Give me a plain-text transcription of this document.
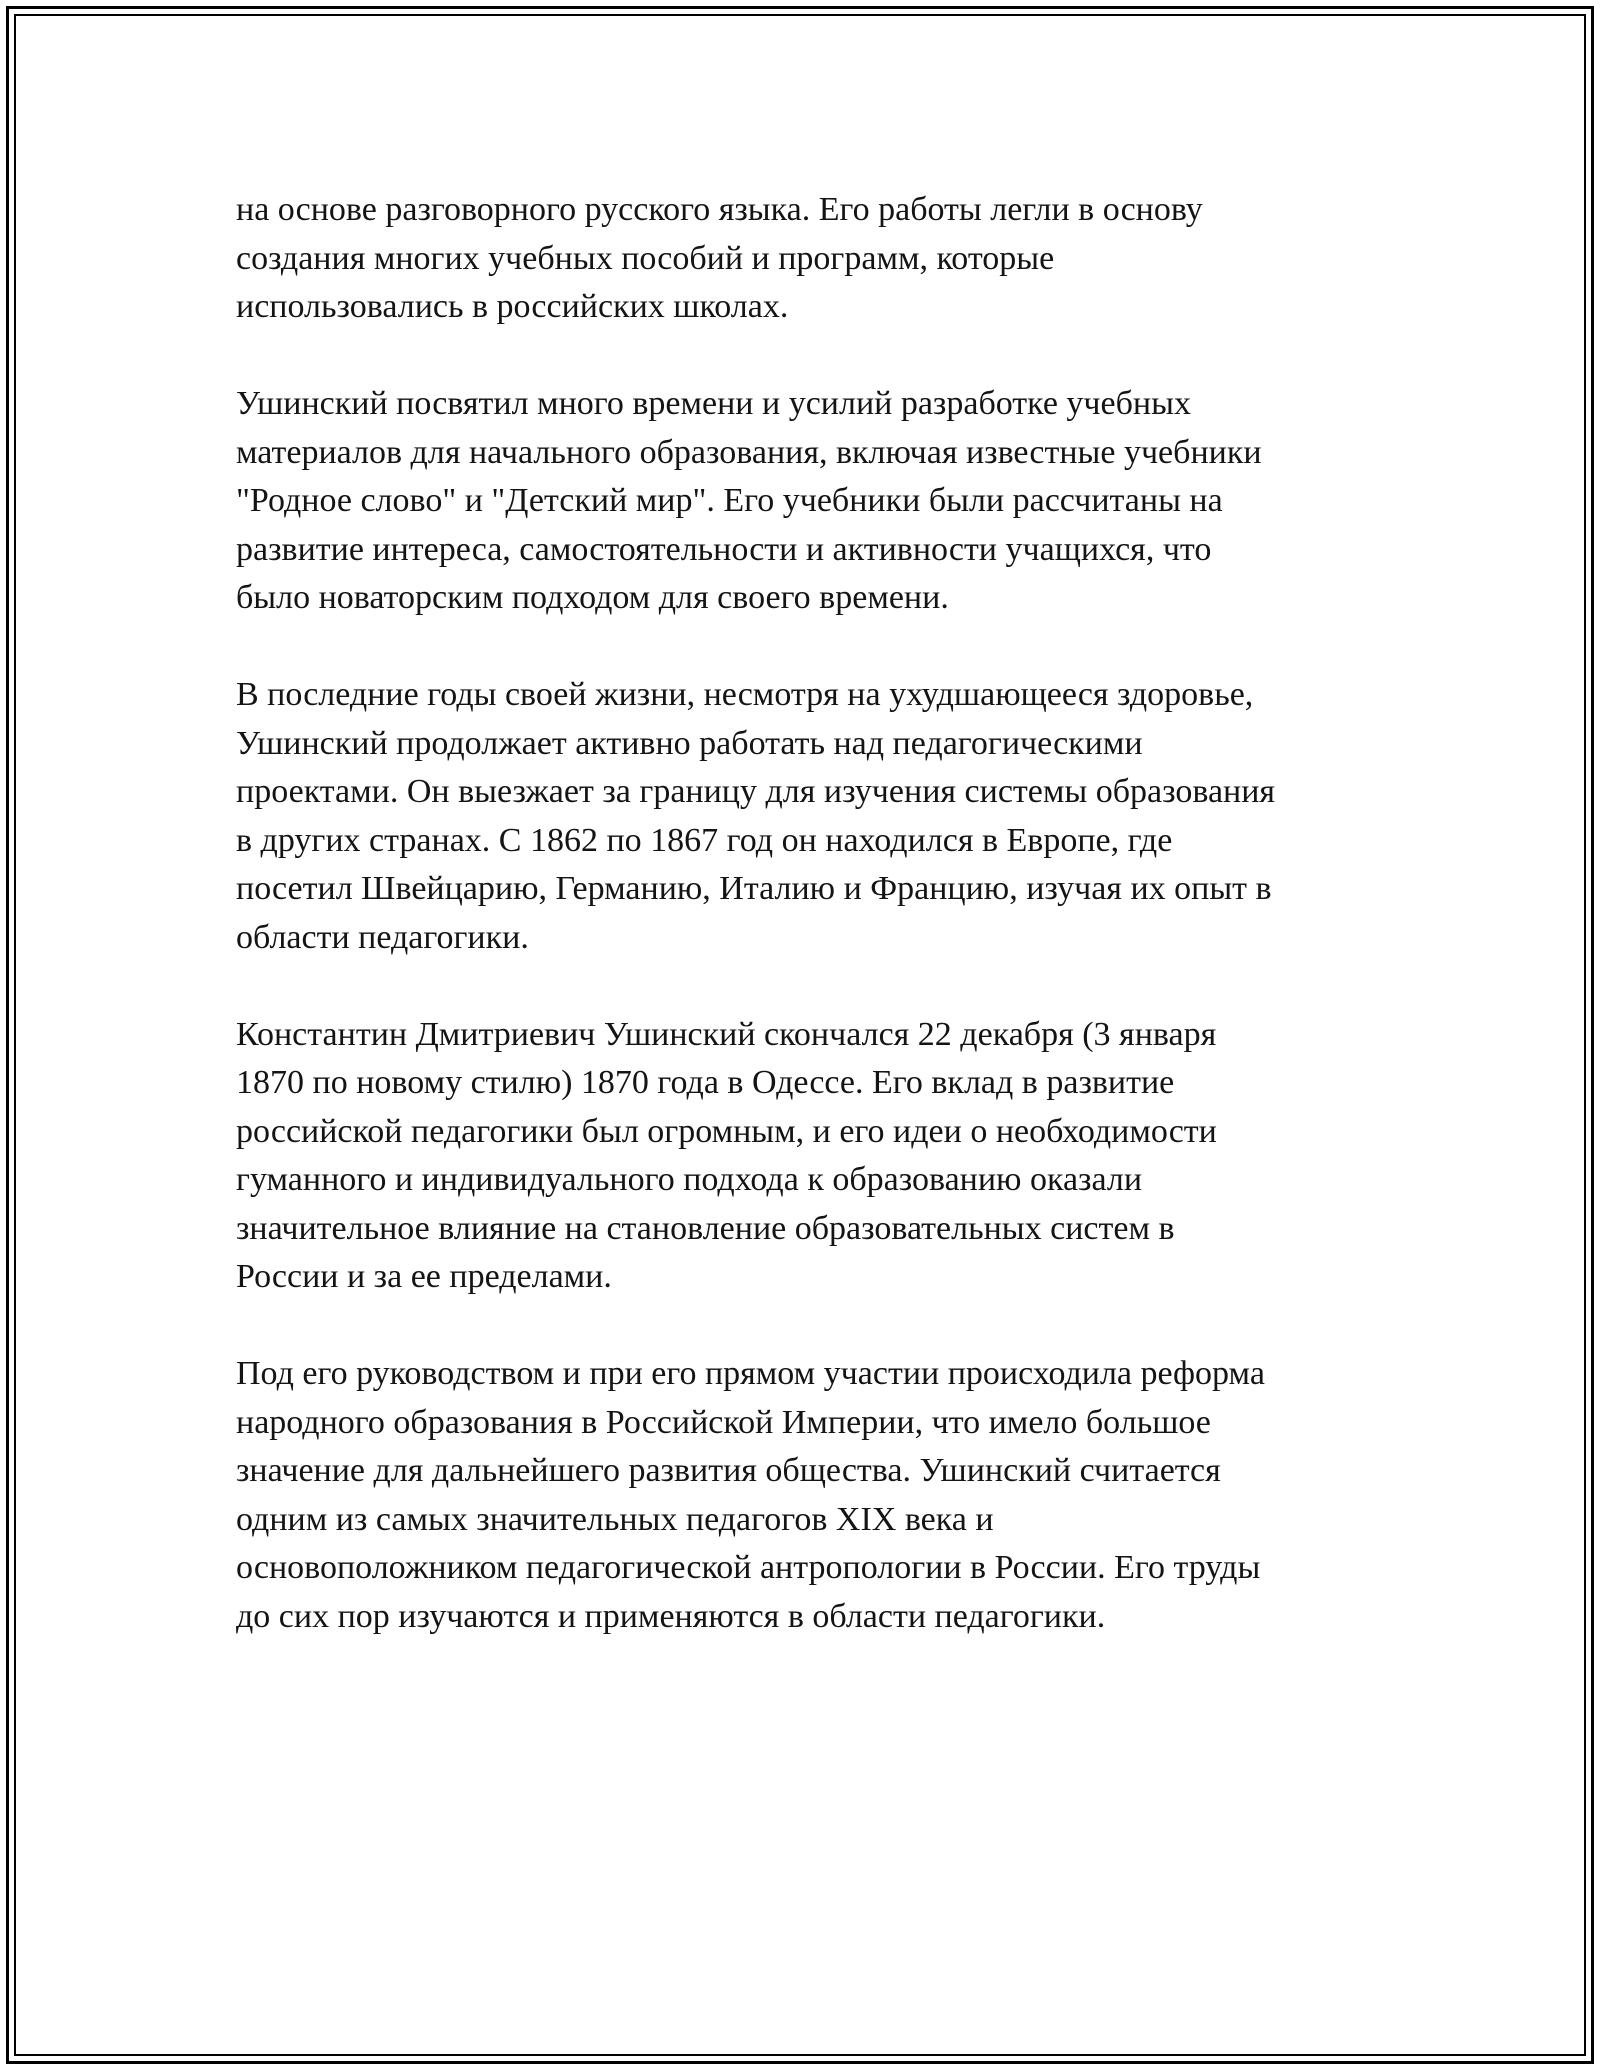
на основе разговорного русского языка. Его работы легли в основу
создания многих учебных пособий и программ, которые
использовались в российских школах.
Ушинский посвятил много времени и усилий разработке учебных
материалов для начального образования, включая известные учебники
"Родное слово" и "Детский мир". Его учебники были рассчитаны на
развитие интереса, самостоятельности и активности учащихся, что
было новаторским подходом для своего времени.
В последние годы своей жизни, несмотря на ухудшающееся здоровье,
Ушинский продолжает активно работать над педагогическими
проектами. Он выезжает за границу для изучения системы образования
в других странах. С 1862 по 1867 год он находился в Европе, где
посетил Швейцарию, Германию, Италию и Францию, изучая их опыт в
области педагогики.
Константин Дмитриевич Ушинский скончался 22 декабря (3 января
1870 по новому стилю) 1870 года в Одессе. Его вклад в развитие
российской педагогики был огромным, и его идеи о необходимости
гуманного и индивидуального подхода к образованию оказали
значительное влияние на становление образовательных систем в
России и за ее пределами.
Под его руководством и при его прямом участии происходила реформа
народного образования в Российской Империи, что имело большое
значение для дальнейшего развития общества. Ушинский считается
одним из самых значительных педагогов XIX века и
основоположником педагогической антропологии в России. Его труды
до сих пор изучаются и применяются в области педагогики.
